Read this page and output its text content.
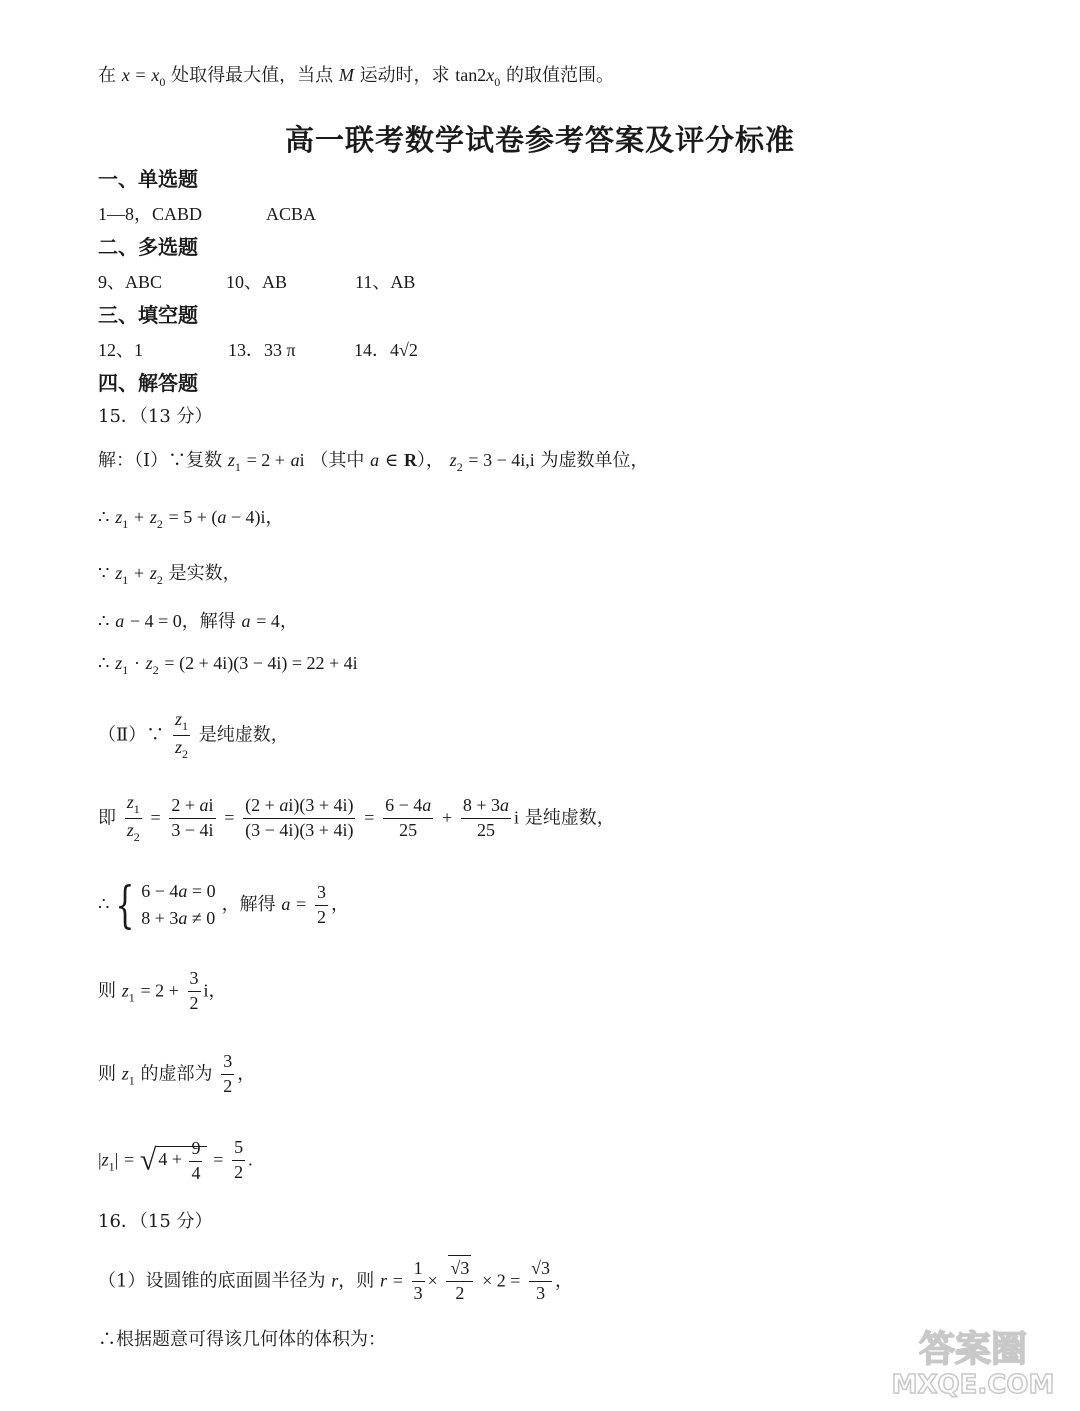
在 $x = x_0$ 处取得最大值，当点 M 运动时，求 $\tan 2x_0$ 的取值范围。
高一联考数学试卷参考答案及评分标准
一、单选题
1—8，CABD	ACBA
二、多选题
9、ABC	10、AB	11、AB
三、填空题
12、1	13．33 π	14．4√2
四、解答题
15．（13 分）
解：（Ⅰ）∵复数 $z_1 = 2$ + ai （其中 a ∈ R）， $z_2 = 3 - 4i,i$ 为虚数单位，
∴ $z_1 + z_2 = 5 + (a - 4)i$，
∵ $z_1 + z_2$ 是实数，
∴ a − 4 = 0，解得 a = 4，
∴ $z_1 \cdot z_2 = (2 + 4i)(3 - 4i) = 22 + 4i$
（Ⅱ）∵ $\frac{z_1}{z_2}$ 是纯虚数，
即 $\frac{z_1}{z_2} = \frac{2 + ai}{3 - 4i} = \frac{(2 + ai)(3 + 4i)}{(3 - 4i)(3 + 4i)} = \frac{6 - 4a}{25} + \frac{8 + 3a}{25}$ i 是纯虚数，
∴ { 6 − 4a = 0
8 + 3a ≠ 0
，解得 $a = \frac{3}{2}$ ，
则 $z_1 = 2 + \frac{3}{2}$ i，
则 $z_1$ 的虚部为 $\frac{3}{2}$ ，
$|z_1|$ = √ $4 + \frac{9}{4} = \frac{5}{2}$ .
16．（15 分）
（1）设圆锥的底面圆半径为 r，则 $r = \frac{1}{3} \times \frac{√3}{2} \times 2 = \frac{√3}{3}$ ，
∴根据题意可得该几何体的体积为：	答案圈
MXQE.COM
